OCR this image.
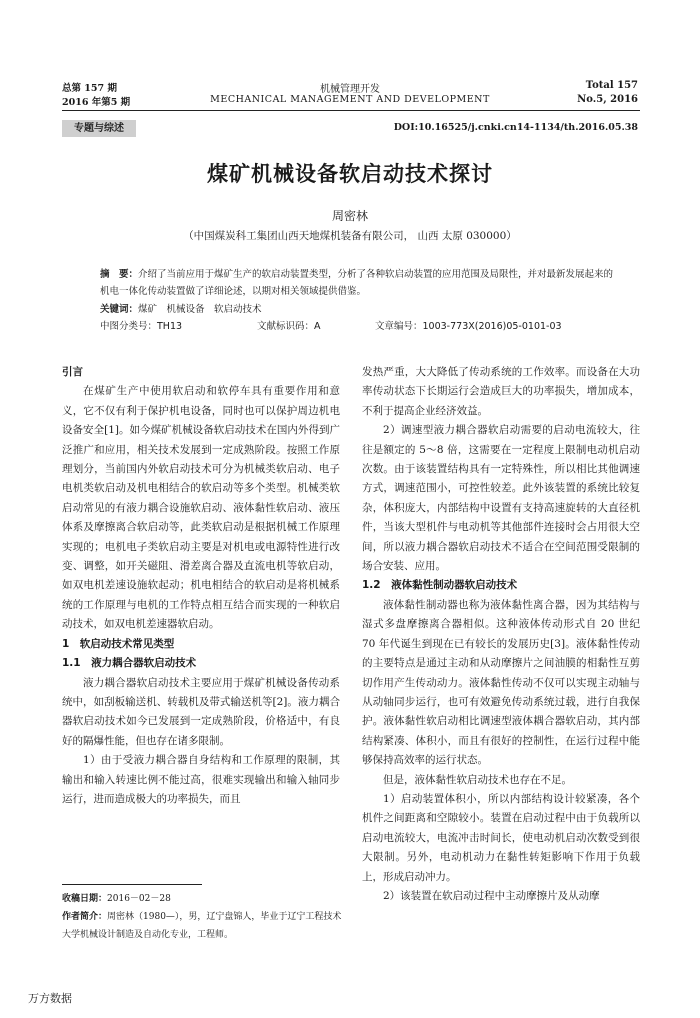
总第 157 期
2016 年第5 期
机械管理开发
MECHANICAL MANAGEMENT AND DEVELOPMENT
Total 157
No.5, 2016
专题与综述	DOI:10.16525/j.cnki.cn14-1134/th.2016.05.38
煤矿机械设备软启动技术探讨
周密林
（中国煤炭科工集团山西天地煤机装备有限公司， 山西 太原 030000）
摘　要：介绍了当前应用于煤矿生产的软启动装置类型，分析了各种软启动装置的应用范围及局限性，并对最新发展起来的机电一体化传动装置做了详细论述，以期对相关领域提供借鉴。
关键词：煤矿　机械设备　软启动技术
中图分类号：TH13	文献标识码：A	文章编号：1003-773X(2016)05-0101-03
引言

在煤矿生产中使用软启动和软停车具有重要作用和意义，它不仅有利于保护机电设备，同时也可以保护周边机电设备安全[1]。如今煤矿机械设备软启动技术在国内外得到广泛推广和应用，相关技术发展到一定成熟阶段。按照工作原理划分，当前国内外软启动技术可分为机械类软启动、电子电机类软启动及机电相结合的软启动等多个类型。机械类软启动常见的有液力耦合设施软启动、液体黏性软启动、液压体系及摩擦离合软启动等，此类软启动是根据机械工作原理实现的；电机电子类软启动主要是对机电或电源特性进行改变、调整，如开关磁阻、滑差离合器及直流电机等软启动，如双电机差速设施软起动；机电相结合的软启动是将机械系统的工作原理与电机的工作特点相互结合而实现的一种软启动技术，如双电机差速器软启动。

1　软启动技术常见类型
1.1　液力耦合器软启动技术

液力耦合器软启动技术主要应用于煤矿机械设备传动系统中，如刮板输送机、转载机及带式输送机等[2]。液力耦合器软启动技术如今已发展到一定成熟阶段，价格适中，有良好的隔爆性能，但也存在诸多限制。

1）由于受液力耦合器自身结构和工作原理的限制，其输出和输入转速比例不能过高，很难实现输出和输入轴同步运行，进而造成极大的功率损失，而且

发热严重，大大降低了传动系统的工作效率。而设备在大功率传动状态下长期运行会造成巨大的功率损失，增加成本，不利于提高企业经济效益。

2）调速型液力耦合器软启动需要的启动电流较大，往往是额定的 5～8 倍，这需要在一定程度上限制电动机启动次数。由于该装置结构具有一定特殊性，所以相比其他调速方式，调速范围小，可控性较差。此外该装置的系统比较复杂，体积庞大，内部结构中设置有支持高速旋转的大直径机件，当该大型机件与电动机等其他部件连接时会占用很大空间，所以液力耦合器软启动技术不适合在空间范围受限制的场合安装、应用。

1.2　液体黏性制动器软启动技术

液体黏性制动器也称为液体黏性离合器，因为其结构与湿式多盘摩擦离合器相似。这种液体传动形式自 20 世纪 70 年代诞生到现在已有较长的发展历史[3]。液体黏性传动的主要特点是通过主动和从动摩擦片之间油膜的相黏性互剪切作用产生传动动力。液体黏性传动不仅可以实现主动轴与从动轴同步运行，也可有效避免传动系统过载，进行自我保护。液体黏性软启动相比调速型液体耦合器软启动，其内部结构紧凑、体积小，而且有很好的控制性，在运行过程中能够保持高效率的运行状态。

但是，液体黏性软启动技术也存在不足。

1）启动装置体积小，所以内部结构设计较紧凑，各个机件之间距离和空隙较小。装置在启动过程中由于负载所以启动电流较大，电流冲击时间长，使电动机启动次数受到很大限制。另外，电动机动力在黏性转矩影响下作用于负载上，形成启动冲力。

2）该装置在软启动过程中主动摩擦片及从动摩

收稿日期：2016－02－28
作者简介：周密林（1980—），男，辽宁盘锦人，毕业于辽宁工程技术大学机械设计制造及自动化专业，工程师。
万方数据
